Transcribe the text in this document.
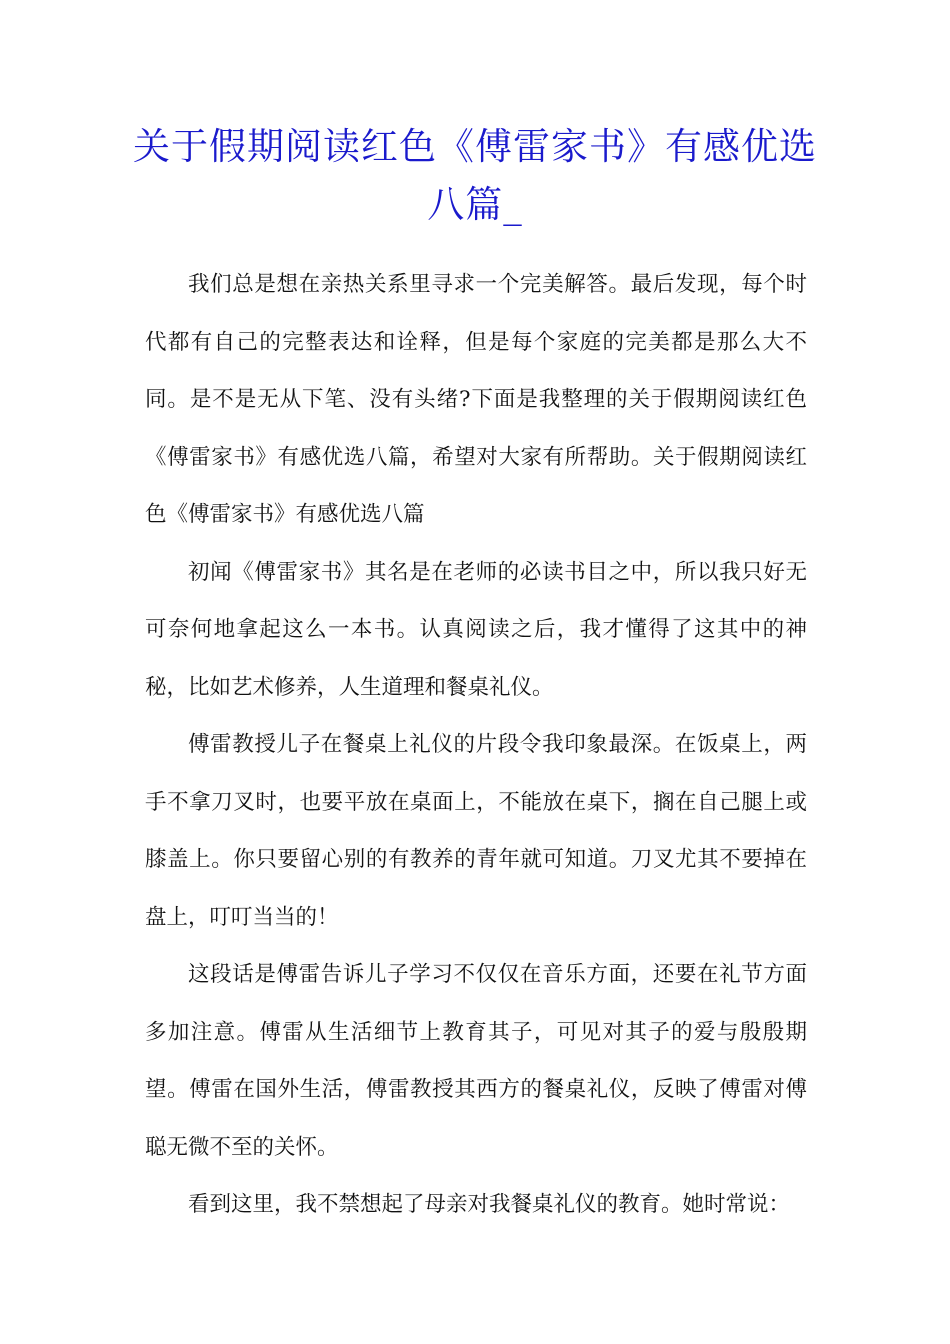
关于假期阅读红色《傅雷家书》有感优选八篇_

我们总是想在亲热关系里寻求一个完美解答。最后发现，每个时代都有自己的完整表达和诠释，但是每个家庭的完美都是那么大不同。是不是无从下笔、没有头绪?下面是我整理的关于假期阅读红色《傅雷家书》有感优选八篇，希望对大家有所帮助。关于假期阅读红色《傅雷家书》有感优选八篇

初闻《傅雷家书》其名是在老师的必读书目之中，所以我只好无可奈何地拿起这么一本书。认真阅读之后，我才懂得了这其中的神秘，比如艺术修养，人生道理和餐桌礼仪。

傅雷教授儿子在餐桌上礼仪的片段令我印象最深。在饭桌上，两手不拿刀叉时，也要平放在桌面上，不能放在桌下，搁在自己腿上或膝盖上。你只要留心别的有教养的青年就可知道。刀叉尤其不要掉在盘上，叮叮当当的！

这段话是傅雷告诉儿子学习不仅仅在音乐方面，还要在礼节方面多加注意。傅雷从生活细节上教育其子，可见对其子的爱与殷殷期望。傅雷在国外生活，傅雷教授其西方的餐桌礼仪，反映了傅雷对傅聪无微不至的关怀。

看到这里，我不禁想起了母亲对我餐桌礼仪的教育。她时常说：
